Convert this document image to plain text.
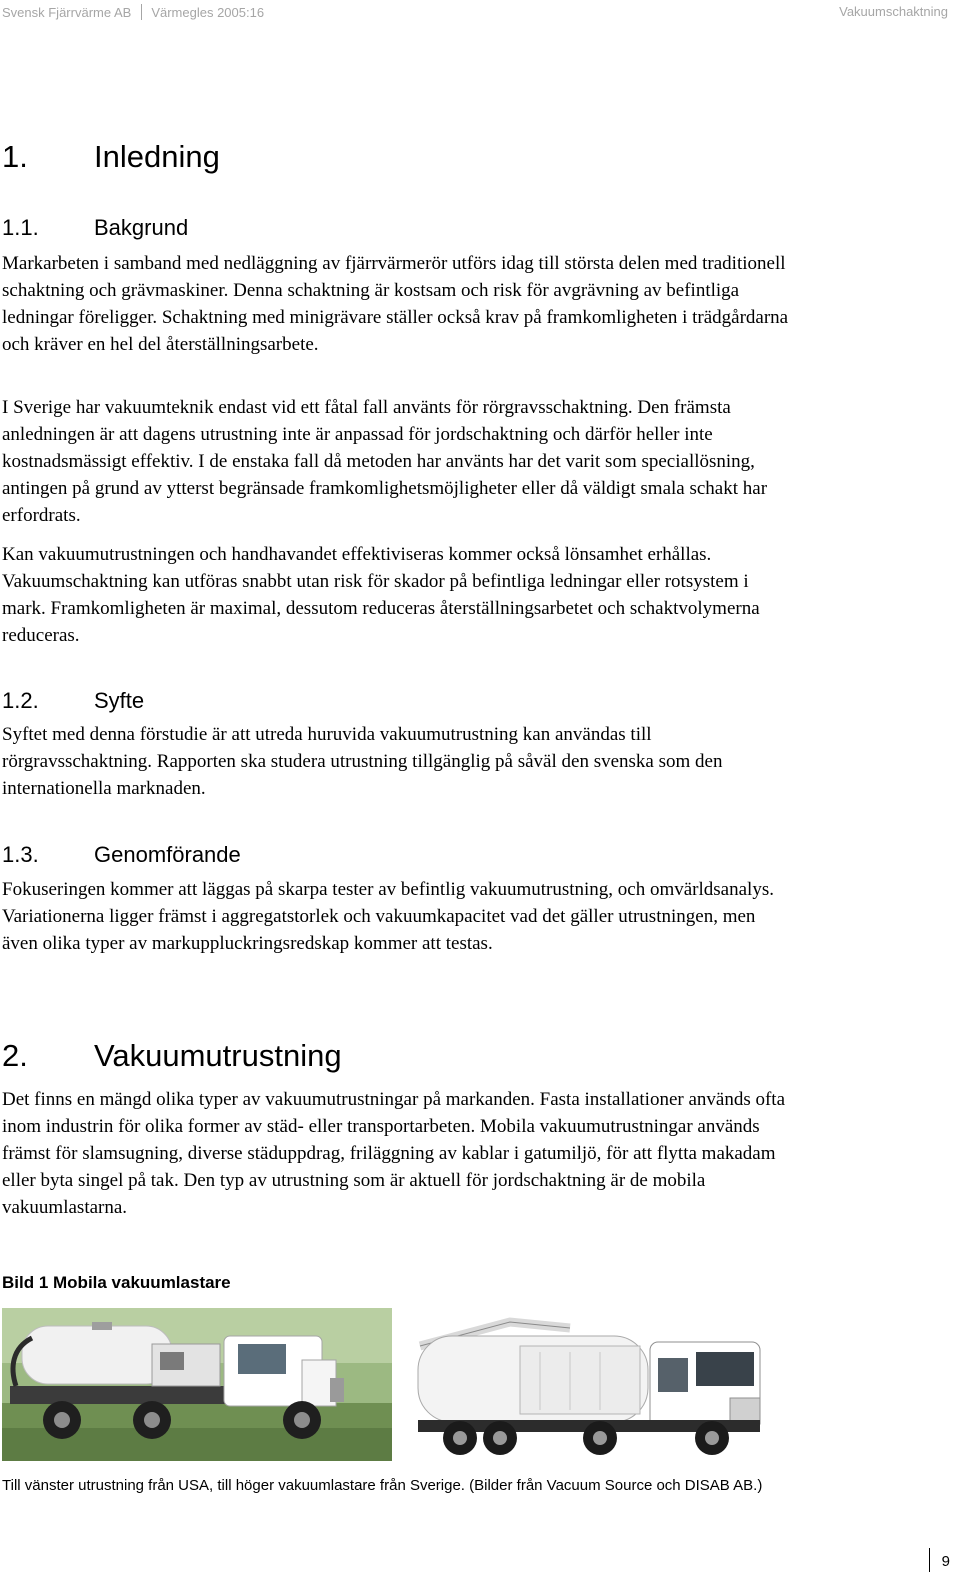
Svensk Fjärrvärme AB Värmegles 2005:16	Vakuumschaktning
1. Inledning
1.1.	Bakgrund

Markarbeten i samband med nedläggning av fjärrvärmerör utförs idag till största delen med traditionell schaktning och grävmaskiner. Denna schaktning är kostsam och risk för avgrävning av befintliga ledningar föreligger. Schaktning med minigrävare ställer också krav på framkomligheten i trädgårdarna och kräver en hel del återställningsarbete.

I Sverige har vakuumteknik endast vid ett fåtal fall använts för rörgravsschaktning. Den främsta anledningen är att dagens utrustning inte är anpassad för jordschaktning och därför heller inte kostnadsmässigt effektiv. I de enstaka fall då metoden har använts har det varit som speciallösning, antingen på grund av ytterst begränsade framkomlighetsmöjligheter eller då väldigt smala schakt har erfordrats.

Kan vakuumutrustningen och handhavandet effektiviseras kommer också lönsamhet erhållas. Vakuumschaktning kan utföras snabbt utan risk för skador på befintliga ledningar eller rotsystem i mark. Framkomligheten är maximal, dessutom reduceras återställningsarbetet och schaktvolymerna reduceras.

1.2.	Syfte

Syftet med denna förstudie är att utreda huruvida vakuumutrustning kan användas till rörgravsschaktning. Rapporten ska studera utrustning tillgänglig på såväl den svenska som den internationella marknaden.

1.3.	Genomförande

Fokuseringen kommer att läggas på skarpa tester av befintlig vakuumutrustning, och omvärldsanalys. Variationerna ligger främst i aggregatstorlek och vakuumkapacitet vad det gäller utrustningen, men även olika typer av markuppluckringsredskap kommer att testas.

2. Vakuumutrustning

Det finns en mängd olika typer av vakuumutrustningar på markanden. Fasta installationer används ofta inom industrin för olika former av städ- eller transportarbeten. Mobila vakuumutrustningar används främst för slamsugning, diverse städuppdrag, friläggning av kablar i gatumiljö, för att flytta makadam eller byta singel på tak. Den typ av utrustning som är aktuell för jordschaktning är de mobila vakuumlastarna.

Bild 1 Mobila vakuumlastare

Till vänster utrustning från USA, till höger vakuumlastare från Sverige. (Bilder från Vacuum Source och DISAB AB.)

9
